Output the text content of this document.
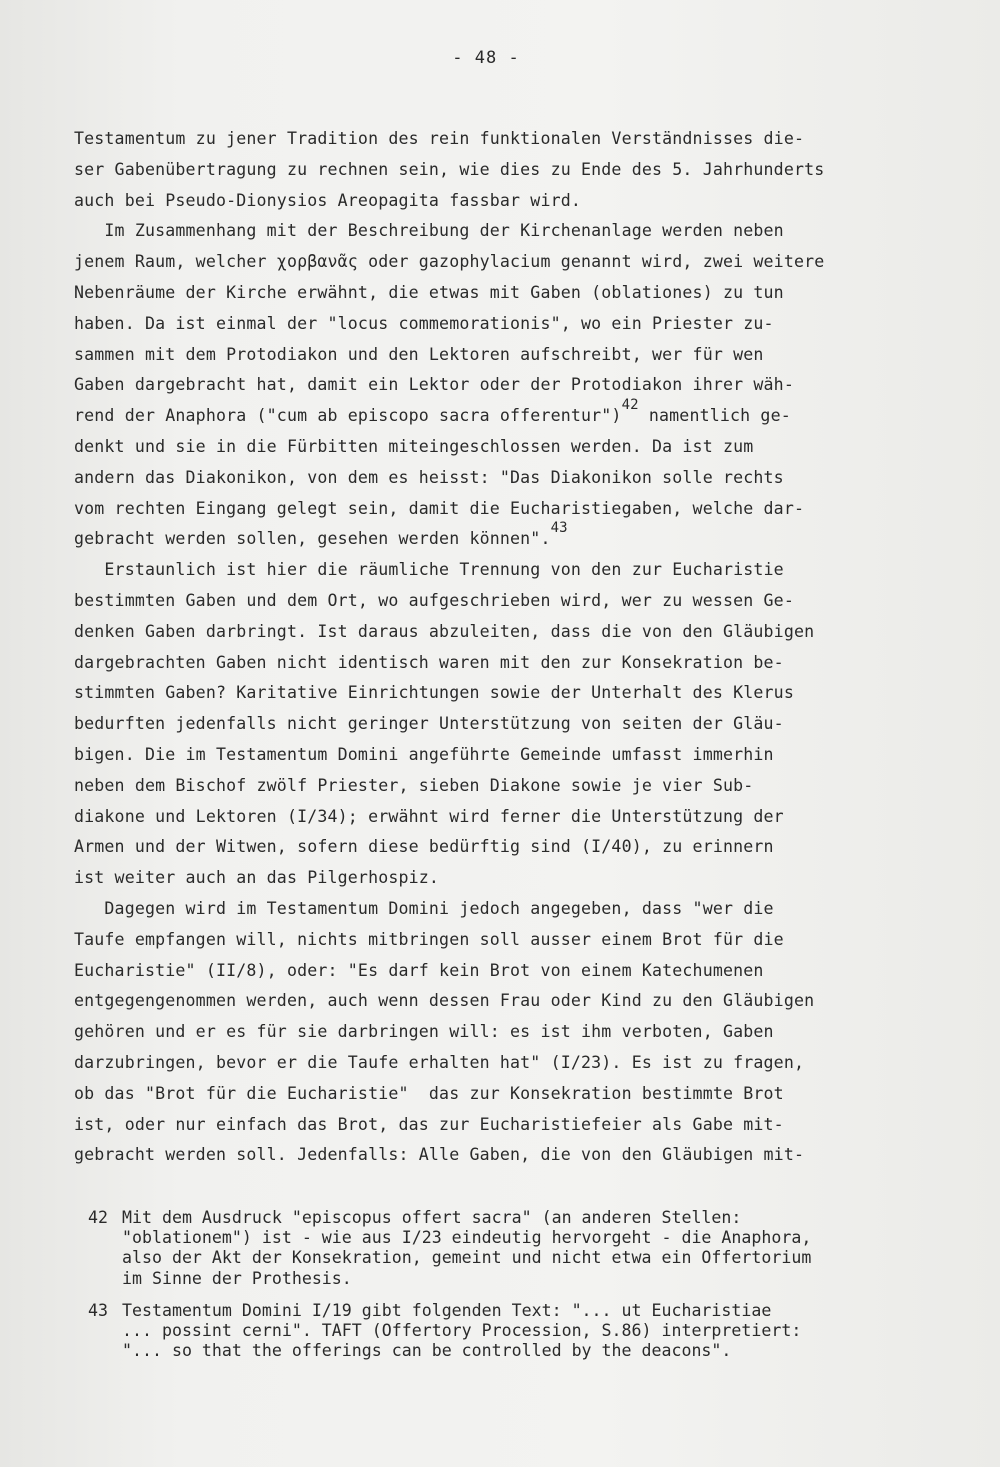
- 48 -
Testamentum zu jener Tradition des rein funktionalen Verständnisses die-
ser Gabenübertragung zu rechnen sein, wie dies zu Ende des 5. Jahrhunderts
auch bei Pseudo-Dionysios Areopagita fassbar wird.
Im Zusammenhang mit der Beschreibung der Kirchenanlage werden neben
jenem Raum, welcher χορβανᾶς oder gazophylacium genannt wird, zwei weitere
Nebenräume der Kirche erwähnt, die etwas mit Gaben (oblationes) zu tun
haben. Da ist einmal der "locus commemorationis", wo ein Priester zu-
sammen mit dem Protodiakon und den Lektoren aufschreibt, wer für wen
Gaben dargebracht hat, damit ein Lektor oder der Protodiakon ihrer wäh-
rend der Anaphora ("cum ab episcopo sacra offerentur")$^{42}$ namentlich ge-
denkt und sie in die Fürbitten miteingeschlossen werden. Da ist zum
andern das Diakonikon, von dem es heisst: "Das Diakonikon solle rechts
vom rechten Eingang gelegt sein, damit die Eucharistiegaben, welche dar-
gebracht werden sollen, gesehen werden können".$^{43}$
Erstaunlich ist hier die räumliche Trennung von den zur Eucharistie
bestimmten Gaben und dem Ort, wo aufgeschrieben wird, wer zu wessen Ge-
denken Gaben darbringt. Ist daraus abzuleiten, dass die von den Gläubigen
dargebrachten Gaben nicht identisch waren mit den zur Konsekration be-
stimmten Gaben? Karitative Einrichtungen sowie der Unterhalt des Klerus
bedurften jedenfalls nicht geringer Unterstützung von seiten der Gläu-
bigen. Die im Testamentum Domini angeführte Gemeinde umfasst immerhin
neben dem Bischof zwölf Priester, sieben Diakone sowie je vier Sub-
diakone und Lektoren (I/34); erwähnt wird ferner die Unterstützung der
Armen und der Witwen, sofern diese bedürftig sind (I/40), zu erinnern
ist weiter auch an das Pilgerhospiz.
Dagegen wird im Testamentum Domini jedoch angegeben, dass "wer die
Taufe empfangen will, nichts mitbringen soll ausser einem Brot für die
Eucharistie" (II/8), oder: "Es darf kein Brot von einem Katechumenen
entgegengenommen werden, auch wenn dessen Frau oder Kind zu den Gläubigen
gehören und er es für sie darbringen will: es ist ihm verboten, Gaben
darzubringen, bevor er die Taufe erhalten hat" (I/23). Es ist zu fragen,
ob das "Brot für die Eucharistie"  das zur Konsekration bestimmte Brot
ist, oder nur einfach das Brot, das zur Eucharistiefeier als Gabe mit-
gebracht werden soll. Jedenfalls: Alle Gaben, die von den Gläubigen mit-
42 Mit dem Ausdruck "episcopus offert sacra" (an anderen Stellen:
"oblationem") ist - wie aus I/23 eindeutig hervorgeht - die Anaphora,
also der Akt der Konsekration, gemeint und nicht etwa ein Offertorium
im Sinne der Prothesis.
43 Testamentum Domini I/19 gibt folgenden Text: "... ut Eucharistiae
... possint cerni". TAFT (Offertory Procession, S.86) interpretiert:
"... so that the offerings can be controlled by the deacons".
